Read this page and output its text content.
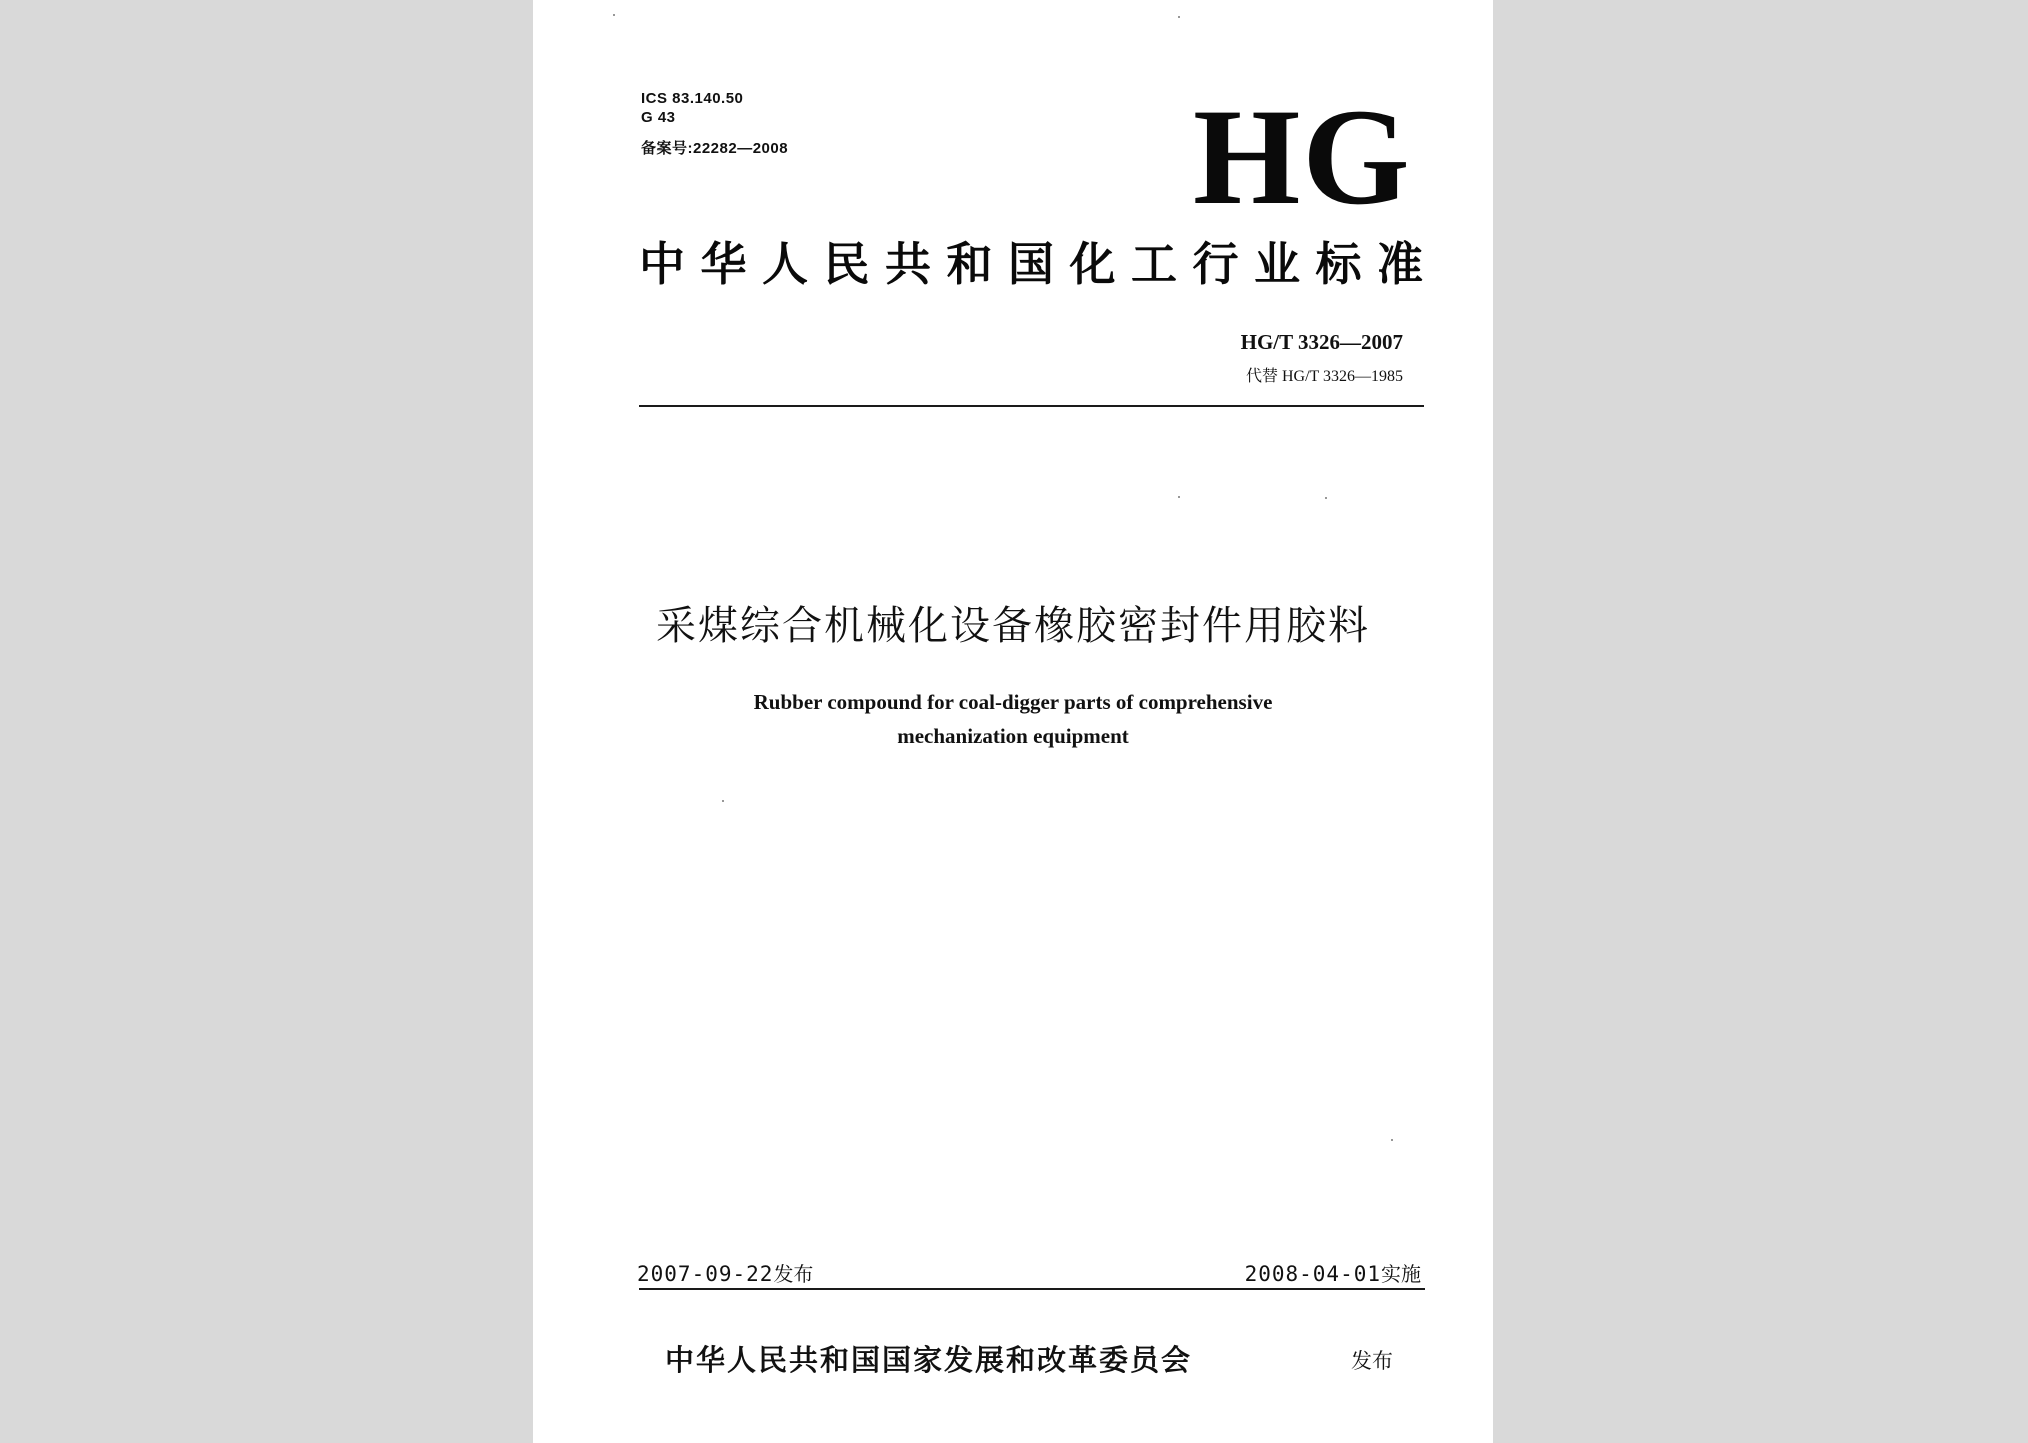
ICS 83.140.50
G 43
备案号:22282—2008	HG
中华人民共和国化工行业标准
HG/T 3326—2007
代替 HG/T 3326—1985
采煤综合机械化设备橡胶密封件用胶料
Rubber compound for coal-digger parts of comprehensive
mechanization equipment
2007-09-22发布	2008-04-01实施
中华人民共和国国家发展和改革委员会	发布
